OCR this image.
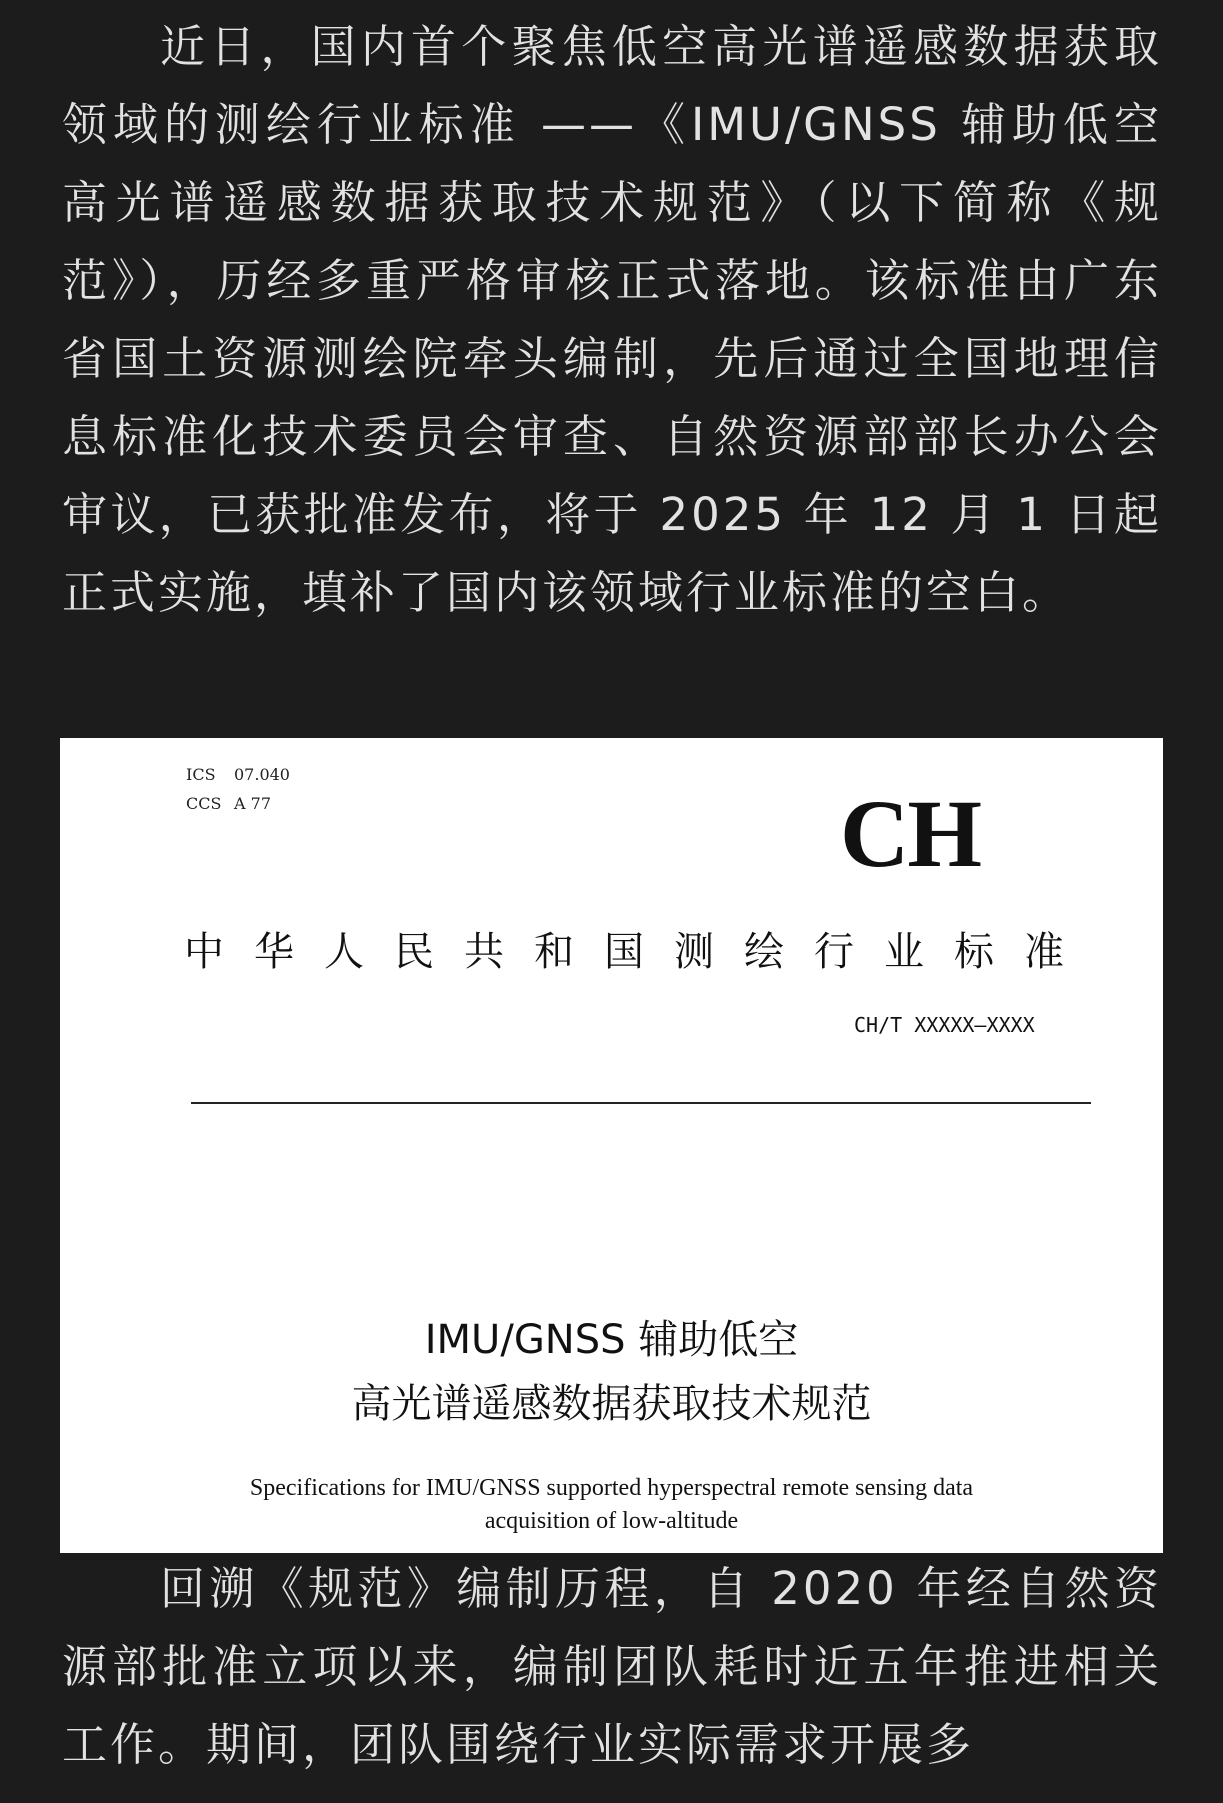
近日，国内首个聚焦低空高光谱遥感数据获取领域的测绘行业标准 ——《IMU/GNSS 辅助低空高光谱遥感数据获取技术规范》（以下简称《规范》），历经多重严格审核正式落地。该标准由广东省国土资源测绘院牵头编制，先后通过全国地理信息标准化技术委员会审查、自然资源部部长办公会审议，已获批准发布，将于 2025 年 12 月 1 日起正式实施，填补了国内该领域行业标准的空白。

ICS 07.040
CCS A 77	CH
中华人民共和国测绘行业标准
CH/T XXXXX—XXXX
IMU/GNSS 辅助低空
高光谱遥感数据获取技术规范
Specifications for IMU/GNSS supported hyperspectral remote sensing data
acquisition of low-altitude

回溯《规范》编制历程，自 2020 年经自然资源部批准立项以来，编制团队耗时近五年推进相关工作。期间，团队围绕行业实际需求开展多
